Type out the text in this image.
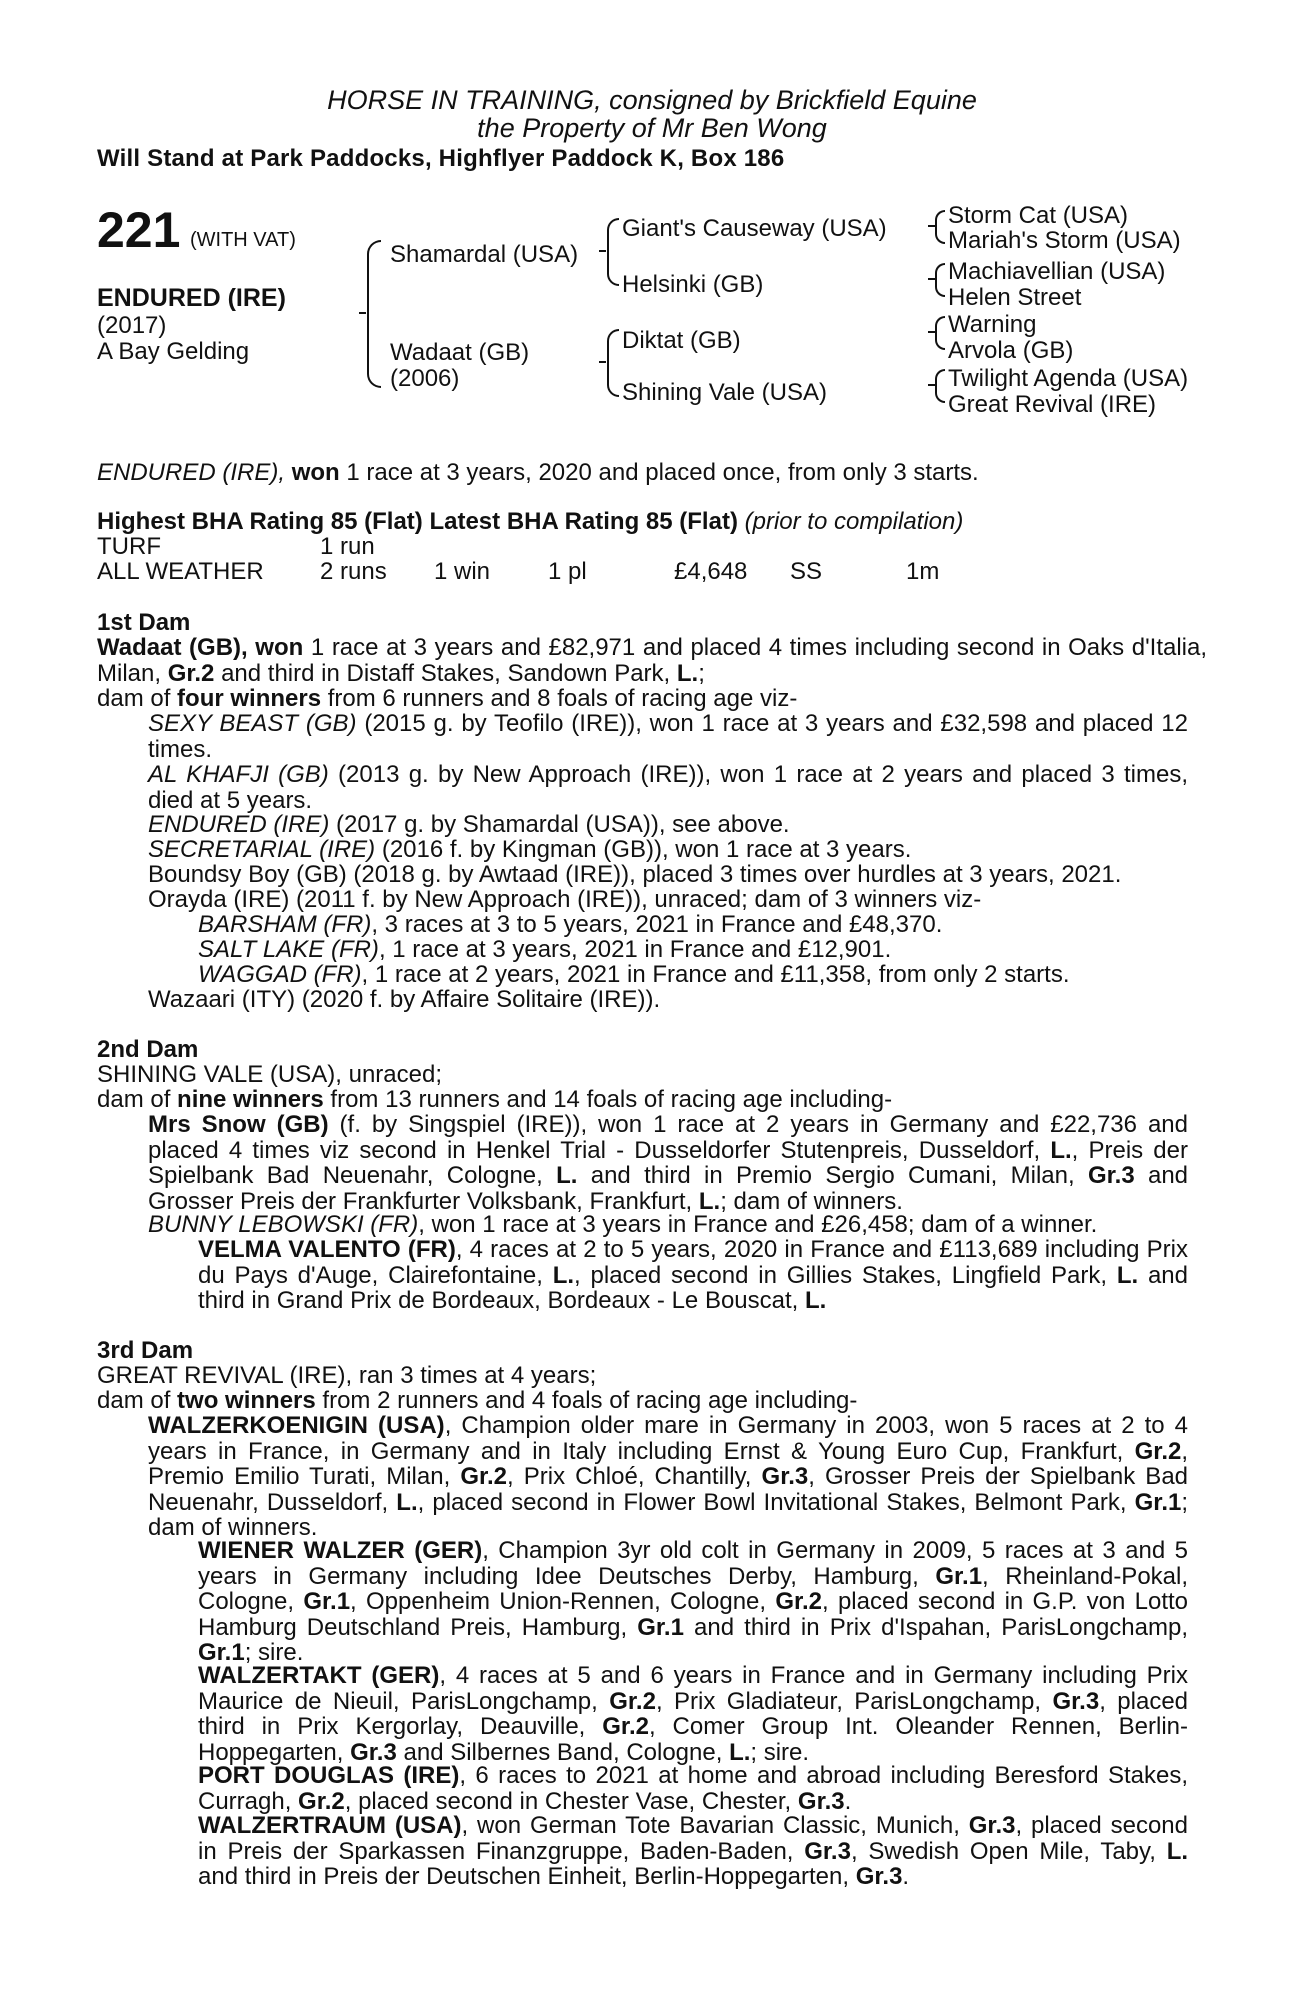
HORSE IN TRAINING, consigned by Brickfield Equine
the Property of Mr Ben Wong
Will Stand at Park Paddocks, Highflyer Paddock K, Box 186
221 (WITH VAT)
ENDURED (IRE)
(2017)
A Bay Gelding
Shamardal (USA)
Wadaat (GB)
(2006)
Giant's Causeway (USA)
Helsinki (GB)
Diktat (GB)
Shining Vale (USA)
Storm Cat (USA)
Mariah's Storm (USA)
Machiavellian (USA)
Helen Street
Warning
Arvola (GB)
Twilight Agenda (USA)
Great Revival (IRE)
ENDURED (IRE), won 1 race at 3 years, 2020 and placed once, from only 3 starts.
Highest BHA Rating 85 (Flat) Latest BHA Rating 85 (Flat) (prior to compilation)
TURF	1 run
ALL WEATHER 2 runs 1 win 1 pl	£4,648 SS	1m
1st Dam
Wadaat (GB), won 1 race at 3 years and £82,971 and placed 4 times including second in Oaks d'Italia, Milan, Gr.2 and third in Distaff Stakes, Sandown Park, L.;
dam of four winners from 6 runners and 8 foals of racing age viz-
SEXY BEAST (GB) (2015 g. by Teofilo (IRE)), won 1 race at 3 years and £32,598 and placed 12 times.
AL KHAFJI (GB) (2013 g. by New Approach (IRE)), won 1 race at 2 years and placed 3 times, died at 5 years.
ENDURED (IRE) (2017 g. by Shamardal (USA)), see above.
SECRETARIAL (IRE) (2016 f. by Kingman (GB)), won 1 race at 3 years.
Boundsy Boy (GB) (2018 g. by Awtaad (IRE)), placed 3 times over hurdles at 3 years, 2021.
Orayda (IRE) (2011 f. by New Approach (IRE)), unraced; dam of 3 winners viz-
BARSHAM (FR), 3 races at 3 to 5 years, 2021 in France and £48,370.
SALT LAKE (FR), 1 race at 3 years, 2021 in France and £12,901.
WAGGAD (FR), 1 race at 2 years, 2021 in France and £11,358, from only 2 starts.
Wazaari (ITY) (2020 f. by Affaire Solitaire (IRE)).
2nd Dam
SHINING VALE (USA), unraced;
dam of nine winners from 13 runners and 14 foals of racing age including-
Mrs Snow (GB) (f. by Singspiel (IRE)), won 1 race at 2 years in Germany and £22,736 and placed 4 times viz second in Henkel Trial - Dusseldorfer Stutenpreis, Dusseldorf, L., Preis der Spielbank Bad Neuenahr, Cologne, L. and third in Premio Sergio Cumani, Milan, Gr.3 and Grosser Preis der Frankfurter Volksbank, Frankfurt, L.; dam of winners.
BUNNY LEBOWSKI (FR), won 1 race at 3 years in France and £26,458; dam of a winner.
VELMA VALENTO (FR), 4 races at 2 to 5 years, 2020 in France and £113,689 including Prix du Pays d'Auge, Clairefontaine, L., placed second in Gillies Stakes, Lingfield Park, L. and third in Grand Prix de Bordeaux, Bordeaux - Le Bouscat, L.
3rd Dam
GREAT REVIVAL (IRE), ran 3 times at 4 years;
dam of two winners from 2 runners and 4 foals of racing age including-
WALZERKOENIGIN (USA), Champion older mare in Germany in 2003, won 5 races at 2 to 4 years in France, in Germany and in Italy including Ernst & Young Euro Cup, Frankfurt, Gr.2, Premio Emilio Turati, Milan, Gr.2, Prix Chloé, Chantilly, Gr.3, Grosser Preis der Spielbank Bad Neuenahr, Dusseldorf, L., placed second in Flower Bowl Invitational Stakes, Belmont Park, Gr.1; dam of winners.
WIENER WALZER (GER), Champion 3yr old colt in Germany in 2009, 5 races at 3 and 5 years in Germany including Idee Deutsches Derby, Hamburg, Gr.1, Rheinland-Pokal, Cologne, Gr.1, Oppenheim Union-Rennen, Cologne, Gr.2, placed second in G.P. von Lotto Hamburg Deutschland Preis, Hamburg, Gr.1 and third in Prix d'Ispahan, ParisLongchamp, Gr.1; sire.
WALZERTAKT (GER), 4 races at 5 and 6 years in France and in Germany including Prix Maurice de Nieuil, ParisLongchamp, Gr.2, Prix Gladiateur, ParisLongchamp, Gr.3, placed third in Prix Kergorlay, Deauville, Gr.2, Comer Group Int. Oleander Rennen, Berlin-Hoppegarten, Gr.3 and Silbernes Band, Cologne, L.; sire.
PORT DOUGLAS (IRE), 6 races to 2021 at home and abroad including Beresford Stakes, Curragh, Gr.2, placed second in Chester Vase, Chester, Gr.3.
WALZERTRAUM (USA), won German Tote Bavarian Classic, Munich, Gr.3, placed second in Preis der Sparkassen Finanzgruppe, Baden-Baden, Gr.3, Swedish Open Mile, Taby, L. and third in Preis der Deutschen Einheit, Berlin-Hoppegarten, Gr.3.
